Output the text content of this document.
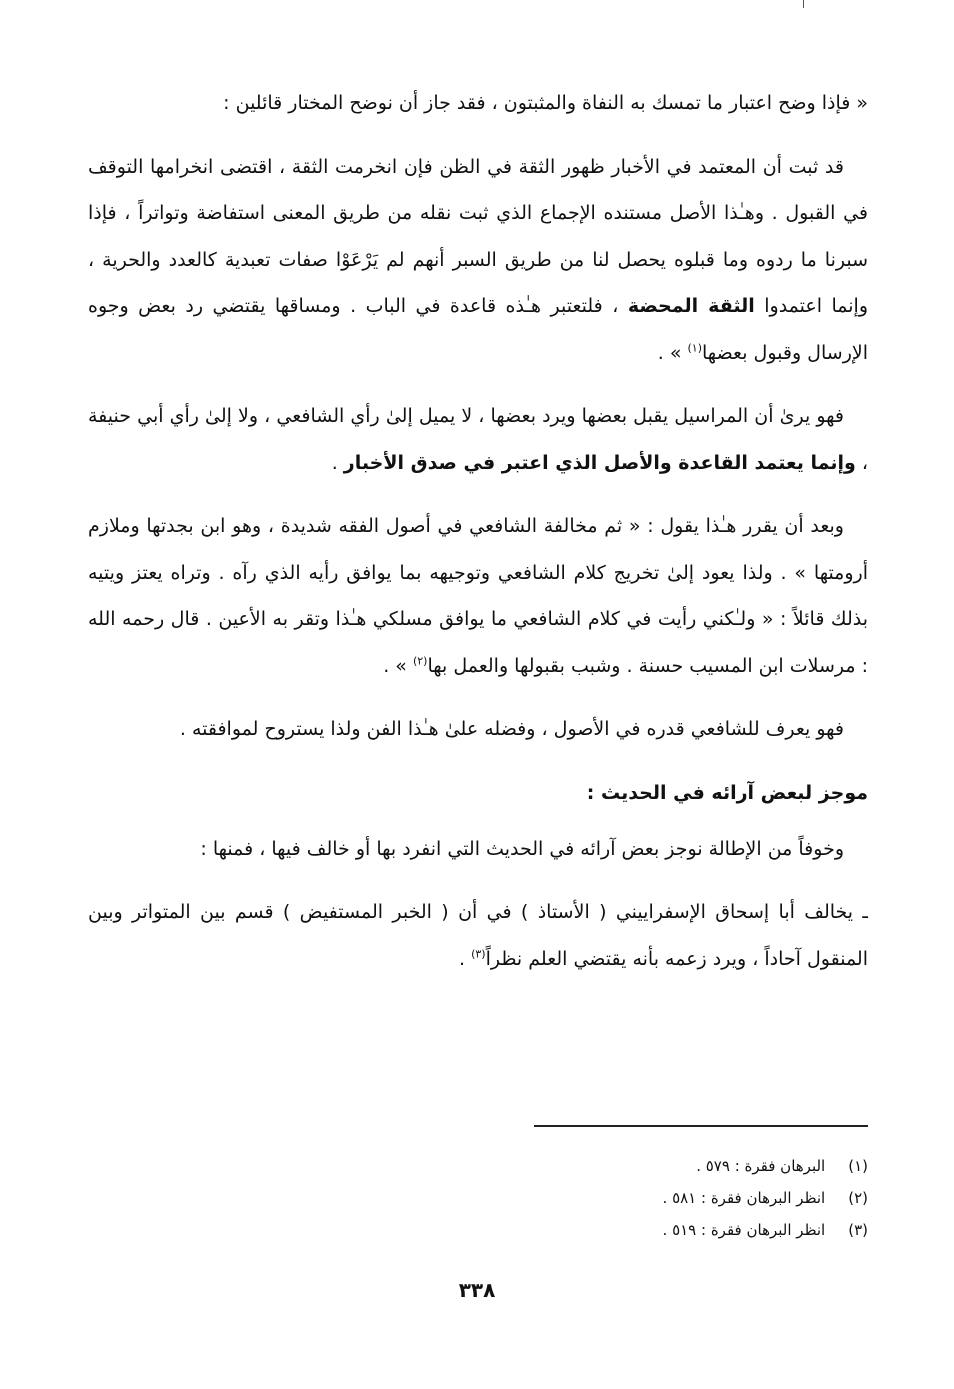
« فإذا وضح اعتبار ما تمسك به النفاة والمثبتون ، فقد جاز أن نوضح المختار قائلين :

قد ثبت أن المعتمد في الأخبار ظهور الثقة في الظن فإن انخرمت الثقة ، اقتضى انخرامها التوقف في القبول . وهـٰذا الأصل مستنده الإجماع الذي ثبت نقله من طريق المعنى استفاضة وتواتراً ، فإذا سبرنا ما ردوه وما قبلوه يحصل لنا من طريق السبر أنهم لم يَرْعَوْا صفات تعبدية كالعدد والحرية ، وإنما اعتمدوا الثقة المحضة ، فلتعتبر هـٰذه قاعدة في الباب . ومساقها يقتضي رد بعض وجوه الإرسال وقبول بعضها$^{(١)}$ » .

فهو يرىٰ أن المراسيل يقبل بعضها ويرد بعضها ، لا يميل إلىٰ رأي الشافعي ، ولا إلىٰ رأي أبي حنيفة ، وإنما يعتمد القاعدة والأصل الذي اعتبر في صدق الأخبار .

وبعد أن يقرر هـٰذا يقول : « ثم مخالفة الشافعي في أصول الفقه شديدة ، وهو ابن بجدتها وملازم أرومتها » . ولذا يعود إلىٰ تخريج كلام الشافعي وتوجيهه بما يوافق رأيه الذي رآه . وتراه يعتز ويتيه بذلك قائلاً : « ولـٰكني رأيت في كلام الشافعي ما يوافق مسلكي هـٰذا وتقر به الأعين . قال رحمه الله : مرسلات ابن المسيب حسنة . وشبب بقبولها والعمل بها$^{(٢)}$ » .

فهو يعرف للشافعي قدره في الأصول ، وفضله علىٰ هـٰذا الفن ولذا يستروح لموافقته .

موجز لبعض آرائه في الحديث :

وخوفاً من الإطالة نوجز بعض آرائه في الحديث التي انفرد بها أو خالف فيها ، فمنها :

ـ يخالف أبا إسحاق الإسفراييني ( الأستاذ ) في أن ( الخبر المستفيض ) قسم بين المتواتر وبين المنقول آحاداً ، ويرد زعمه بأنه يقتضي العلم نظراً$^{(٣)}$ .

(١) البرهان فقرة : ٥٧٩ .
(٢) انظر البرهان فقرة : ٥٨١ .
(٣) انظر البرهان فقرة : ٥١٩ .
٣٣٨
